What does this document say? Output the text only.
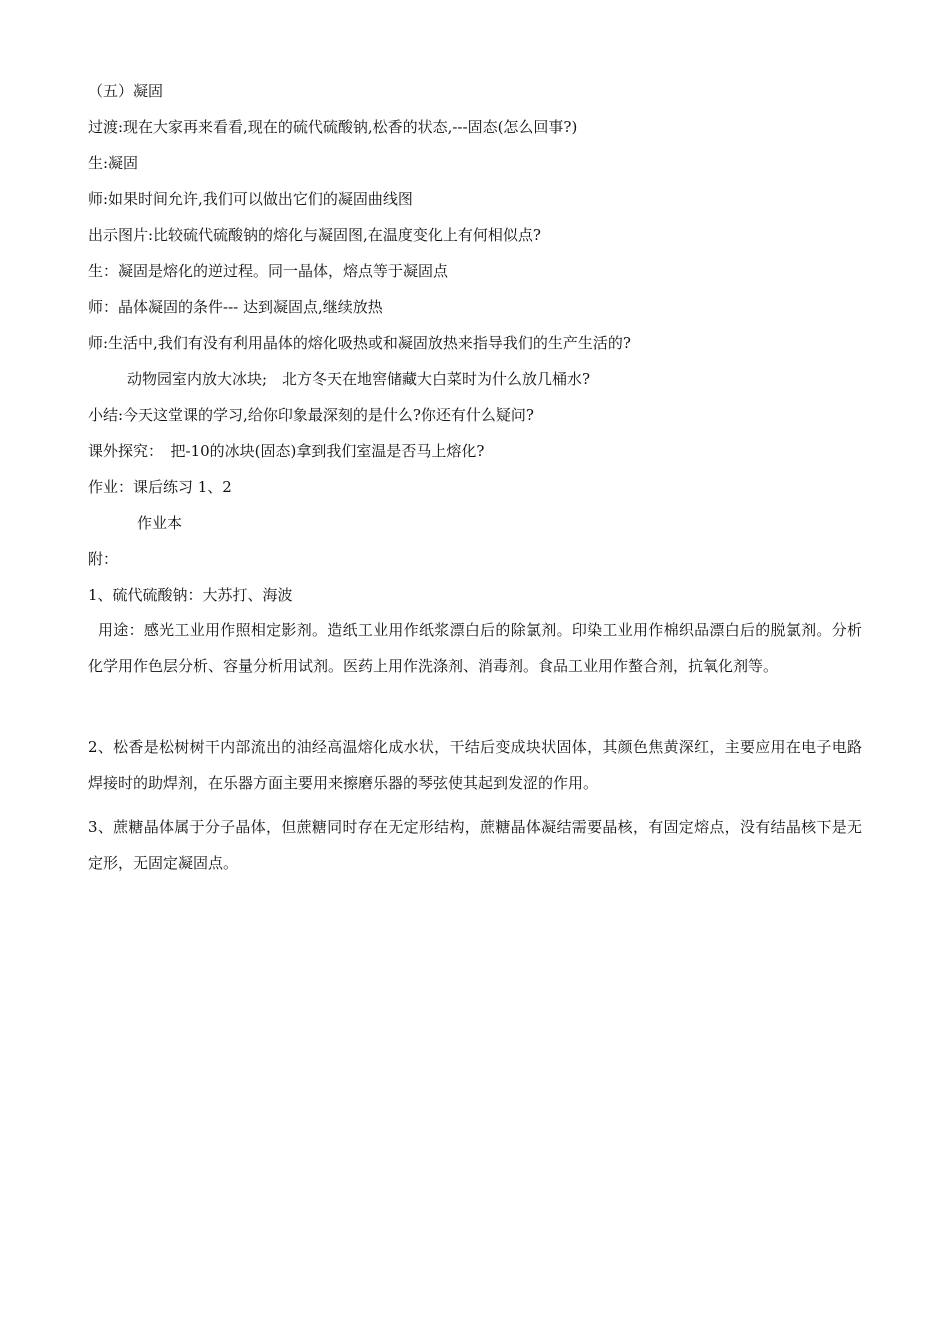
（五）凝固
过渡:现在大家再来看看,现在的硫代硫酸钠,松香的状态,---固态(怎么回事?)
生:凝固
师:如果时间允许,我们可以做出它们的凝固曲线图
出示图片:比较硫代硫酸钠的熔化与凝固图,在温度变化上有何相似点?
生：凝固是熔化的逆过程。同一晶体，熔点等于凝固点
师：晶体凝固的条件--- 达到凝固点,继续放热
师:生活中,我们有没有利用晶体的熔化吸热或和凝固放热来指导我们的生产生活的?
动物园室内放大冰块;　北方冬天在地窖储藏大白菜时为什么放几桶水?
小结:今天这堂课的学习,给你印象最深刻的是什么?你还有什么疑问?
课外探究：　把-10的冰块(固态)拿到我们室温是否马上熔化?
作业：课后练习 1、2
作业本
附：
1、硫代硫酸钠：大苏打、海波
用途：感光工业用作照相定影剂。造纸工业用作纸浆漂白后的除氯剂。印染工业用作棉织品漂白后的脱氯剂。分析化学用作色层分析、容量分析用试剂。医药上用作洗涤剂、消毒剂。食品工业用作螯合剂，抗氧化剂等。
2、松香是松树树干内部流出的油经高温熔化成水状，干结后变成块状固体，其颜色焦黄深红，主要应用在电子电路焊接时的助焊剂，在乐器方面主要用来擦磨乐器的琴弦使其起到发涩的作用。
3、蔗糖晶体属于分子晶体，但蔗糖同时存在无定形结构，蔗糖晶体凝结需要晶核，有固定熔点，没有结晶核下是无定形，无固定凝固点。
